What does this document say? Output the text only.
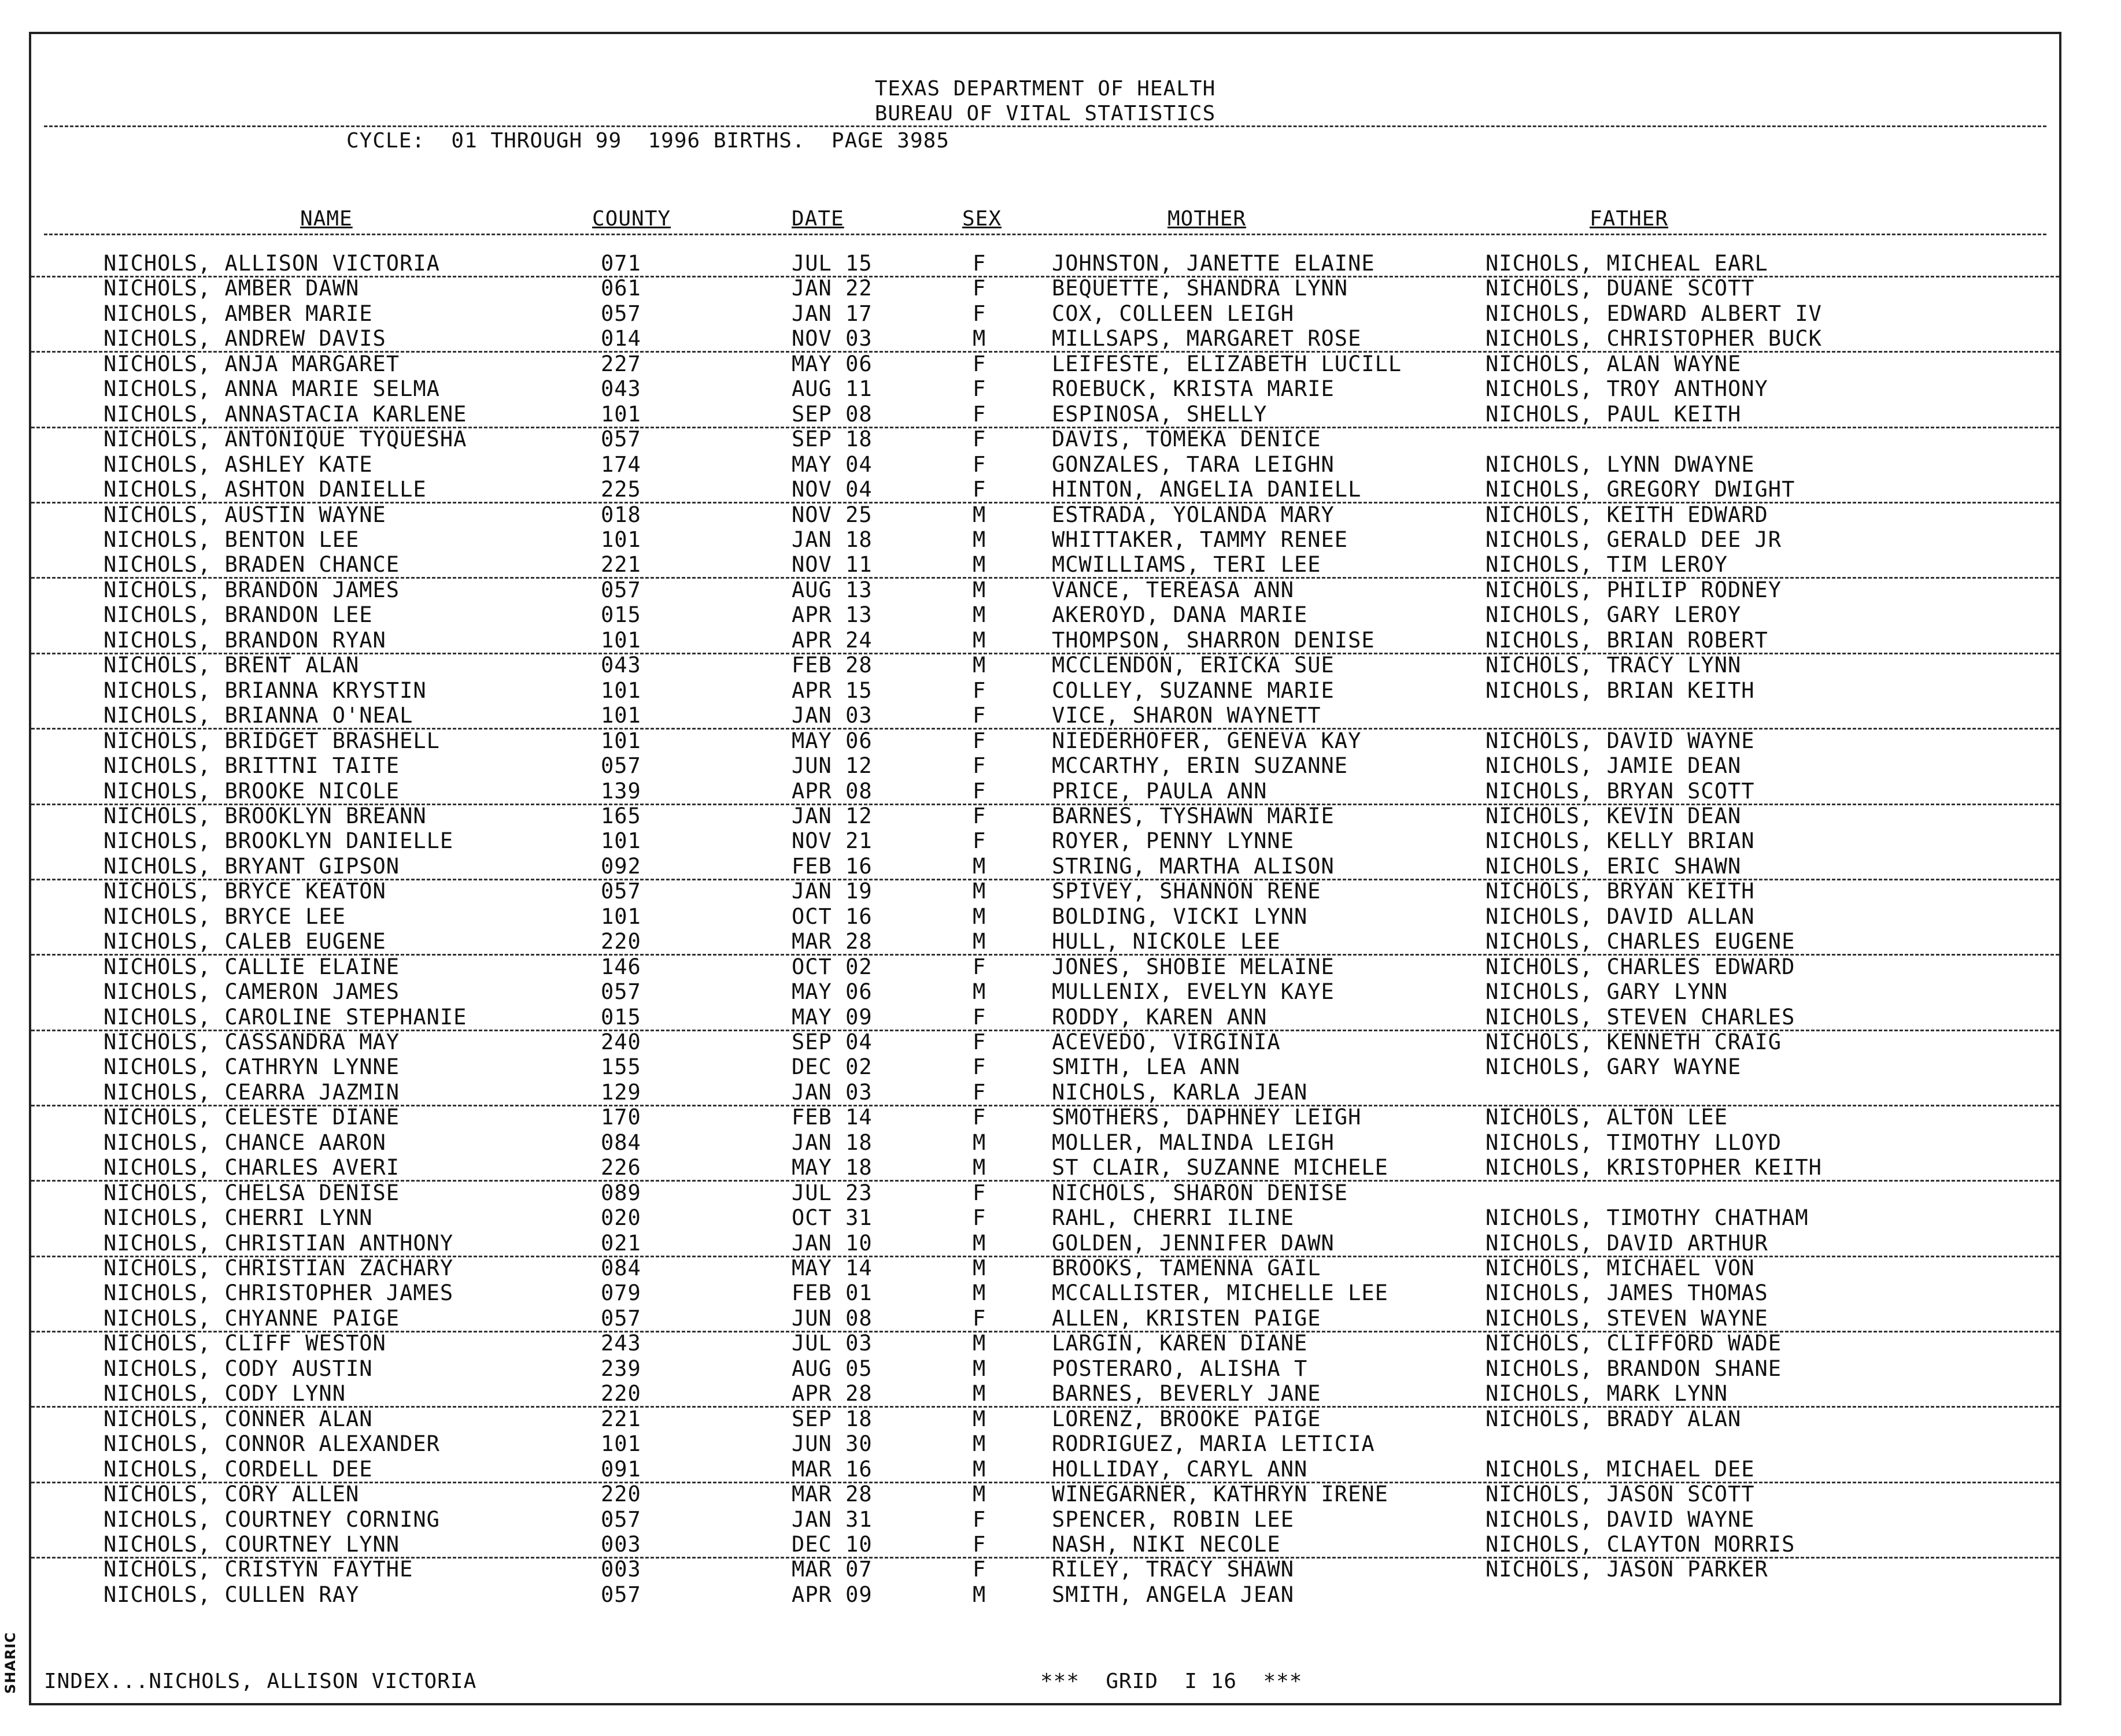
SHARIC
TEXAS DEPARTMENT OF HEALTH
BUREAU OF VITAL STATISTICS
CYCLE:  01 THROUGH 99  1996 BIRTHS.  PAGE 3985
NAME	COUNTY	DATE	SEX	MOTHER	FATHER
NICHOLS, ALLISON VICTORIA	071	JUL 15	F	JOHNSTON, JANETTE ELAINE	NICHOLS, MICHEAL EARL
NICHOLS, AMBER DAWN	061	JAN 22	F	BEQUETTE, SHANDRA LYNN	NICHOLS, DUANE SCOTT
NICHOLS, AMBER MARIE	057	JAN 17	F	COX, COLLEEN LEIGH	NICHOLS, EDWARD ALBERT IV
NICHOLS, ANDREW DAVIS	014	NOV 03	M	MILLSAPS, MARGARET ROSE	NICHOLS, CHRISTOPHER BUCK
NICHOLS, ANJA MARGARET	227	MAY 06	F	LEIFESTE, ELIZABETH LUCILL	NICHOLS, ALAN WAYNE
NICHOLS, ANNA MARIE SELMA	043	AUG 11	F	ROEBUCK, KRISTA MARIE	NICHOLS, TROY ANTHONY
NICHOLS, ANNASTACIA KARLENE	101	SEP 08	F	ESPINOSA, SHELLY	NICHOLS, PAUL KEITH
NICHOLS, ANTONIQUE TYQUESHA	057	SEP 18	F	DAVIS, TOMEKA DENICE
NICHOLS, ASHLEY KATE	174	MAY 04	F	GONZALES, TARA LEIGHN	NICHOLS, LYNN DWAYNE
NICHOLS, ASHTON DANIELLE	225	NOV 04	F	HINTON, ANGELIA DANIELL	NICHOLS, GREGORY DWIGHT
NICHOLS, AUSTIN WAYNE	018	NOV 25	M	ESTRADA, YOLANDA MARY	NICHOLS, KEITH EDWARD
NICHOLS, BENTON LEE	101	JAN 18	M	WHITTAKER, TAMMY RENEE	NICHOLS, GERALD DEE JR
NICHOLS, BRADEN CHANCE	221	NOV 11	M	MCWILLIAMS, TERI LEE	NICHOLS, TIM LEROY
NICHOLS, BRANDON JAMES	057	AUG 13	M	VANCE, TEREASA ANN	NICHOLS, PHILIP RODNEY
NICHOLS, BRANDON LEE	015	APR 13	M	AKEROYD, DANA MARIE	NICHOLS, GARY LEROY
NICHOLS, BRANDON RYAN	101	APR 24	M	THOMPSON, SHARRON DENISE	NICHOLS, BRIAN ROBERT
NICHOLS, BRENT ALAN	043	FEB 28	M	MCCLENDON, ERICKA SUE	NICHOLS, TRACY LYNN
NICHOLS, BRIANNA KRYSTIN	101	APR 15	F	COLLEY, SUZANNE MARIE	NICHOLS, BRIAN KEITH
NICHOLS, BRIANNA O'NEAL	101	JAN 03	F	VICE, SHARON WAYNETT
NICHOLS, BRIDGET BRASHELL	101	MAY 06	F	NIEDERHOFER, GENEVA KAY	NICHOLS, DAVID WAYNE
NICHOLS, BRITTNI TAITE	057	JUN 12	F	MCCARTHY, ERIN SUZANNE	NICHOLS, JAMIE DEAN
NICHOLS, BROOKE NICOLE	139	APR 08	F	PRICE, PAULA ANN	NICHOLS, BRYAN SCOTT
NICHOLS, BROOKLYN BREANN	165	JAN 12	F	BARNES, TYSHAWN MARIE	NICHOLS, KEVIN DEAN
NICHOLS, BROOKLYN DANIELLE	101	NOV 21	F	ROYER, PENNY LYNNE	NICHOLS, KELLY BRIAN
NICHOLS, BRYANT GIPSON	092	FEB 16	M	STRING, MARTHA ALISON	NICHOLS, ERIC SHAWN
NICHOLS, BRYCE KEATON	057	JAN 19	M	SPIVEY, SHANNON RENE	NICHOLS, BRYAN KEITH
NICHOLS, BRYCE LEE	101	OCT 16	M	BOLDING, VICKI LYNN	NICHOLS, DAVID ALLAN
NICHOLS, CALEB EUGENE	220	MAR 28	M	HULL, NICKOLE LEE	NICHOLS, CHARLES EUGENE
NICHOLS, CALLIE ELAINE	146	OCT 02	F	JONES, SHOBIE MELAINE	NICHOLS, CHARLES EDWARD
NICHOLS, CAMERON JAMES	057	MAY 06	M	MULLENIX, EVELYN KAYE	NICHOLS, GARY LYNN
NICHOLS, CAROLINE STEPHANIE	015	MAY 09	F	RODDY, KAREN ANN	NICHOLS, STEVEN CHARLES
NICHOLS, CASSANDRA MAY	240	SEP 04	F	ACEVEDO, VIRGINIA	NICHOLS, KENNETH CRAIG
NICHOLS, CATHRYN LYNNE	155	DEC 02	F	SMITH, LEA ANN	NICHOLS, GARY WAYNE
NICHOLS, CEARRA JAZMIN	129	JAN 03	F	NICHOLS, KARLA JEAN
NICHOLS, CELESTE DIANE	170	FEB 14	F	SMOTHERS, DAPHNEY LEIGH	NICHOLS, ALTON LEE
NICHOLS, CHANCE AARON	084	JAN 18	M	MOLLER, MALINDA LEIGH	NICHOLS, TIMOTHY LLOYD
NICHOLS, CHARLES AVERI	226	MAY 18	M	ST CLAIR, SUZANNE MICHELE	NICHOLS, KRISTOPHER KEITH
NICHOLS, CHELSA DENISE	089	JUL 23	F	NICHOLS, SHARON DENISE
NICHOLS, CHERRI LYNN	020	OCT 31	F	RAHL, CHERRI ILINE	NICHOLS, TIMOTHY CHATHAM
NICHOLS, CHRISTIAN ANTHONY	021	JAN 10	M	GOLDEN, JENNIFER DAWN	NICHOLS, DAVID ARTHUR
NICHOLS, CHRISTIAN ZACHARY	084	MAY 14	M	BROOKS, TAMENNA GAIL	NICHOLS, MICHAEL VON
NICHOLS, CHRISTOPHER JAMES	079	FEB 01	M	MCCALLISTER, MICHELLE LEE	NICHOLS, JAMES THOMAS
NICHOLS, CHYANNE PAIGE	057	JUN 08	F	ALLEN, KRISTEN PAIGE	NICHOLS, STEVEN WAYNE
NICHOLS, CLIFF WESTON	243	JUL 03	M	LARGIN, KAREN DIANE	NICHOLS, CLIFFORD WADE
NICHOLS, CODY AUSTIN	239	AUG 05	M	POSTERARO, ALISHA T	NICHOLS, BRANDON SHANE
NICHOLS, CODY LYNN	220	APR 28	M	BARNES, BEVERLY JANE	NICHOLS, MARK LYNN
NICHOLS, CONNER ALAN	221	SEP 18	M	LORENZ, BROOKE PAIGE	NICHOLS, BRADY ALAN
NICHOLS, CONNOR ALEXANDER	101	JUN 30	M	RODRIGUEZ, MARIA LETICIA
NICHOLS, CORDELL DEE	091	MAR 16	M	HOLLIDAY, CARYL ANN	NICHOLS, MICHAEL DEE
NICHOLS, CORY ALLEN	220	MAR 28	M	WINEGARNER, KATHRYN IRENE	NICHOLS, JASON SCOTT
NICHOLS, COURTNEY CORNING	057	JAN 31	F	SPENCER, ROBIN LEE	NICHOLS, DAVID WAYNE
NICHOLS, COURTNEY LYNN	003	DEC 10	F	NASH, NIKI NECOLE	NICHOLS, CLAYTON MORRIS
NICHOLS, CRISTYN FAYTHE	003	MAR 07	F	RILEY, TRACY SHAWN	NICHOLS, JASON PARKER
NICHOLS, CULLEN RAY	057	APR 09	M	SMITH, ANGELA JEAN
INDEX...NICHOLS, ALLISON VICTORIA	***  GRID  I 16  ***
